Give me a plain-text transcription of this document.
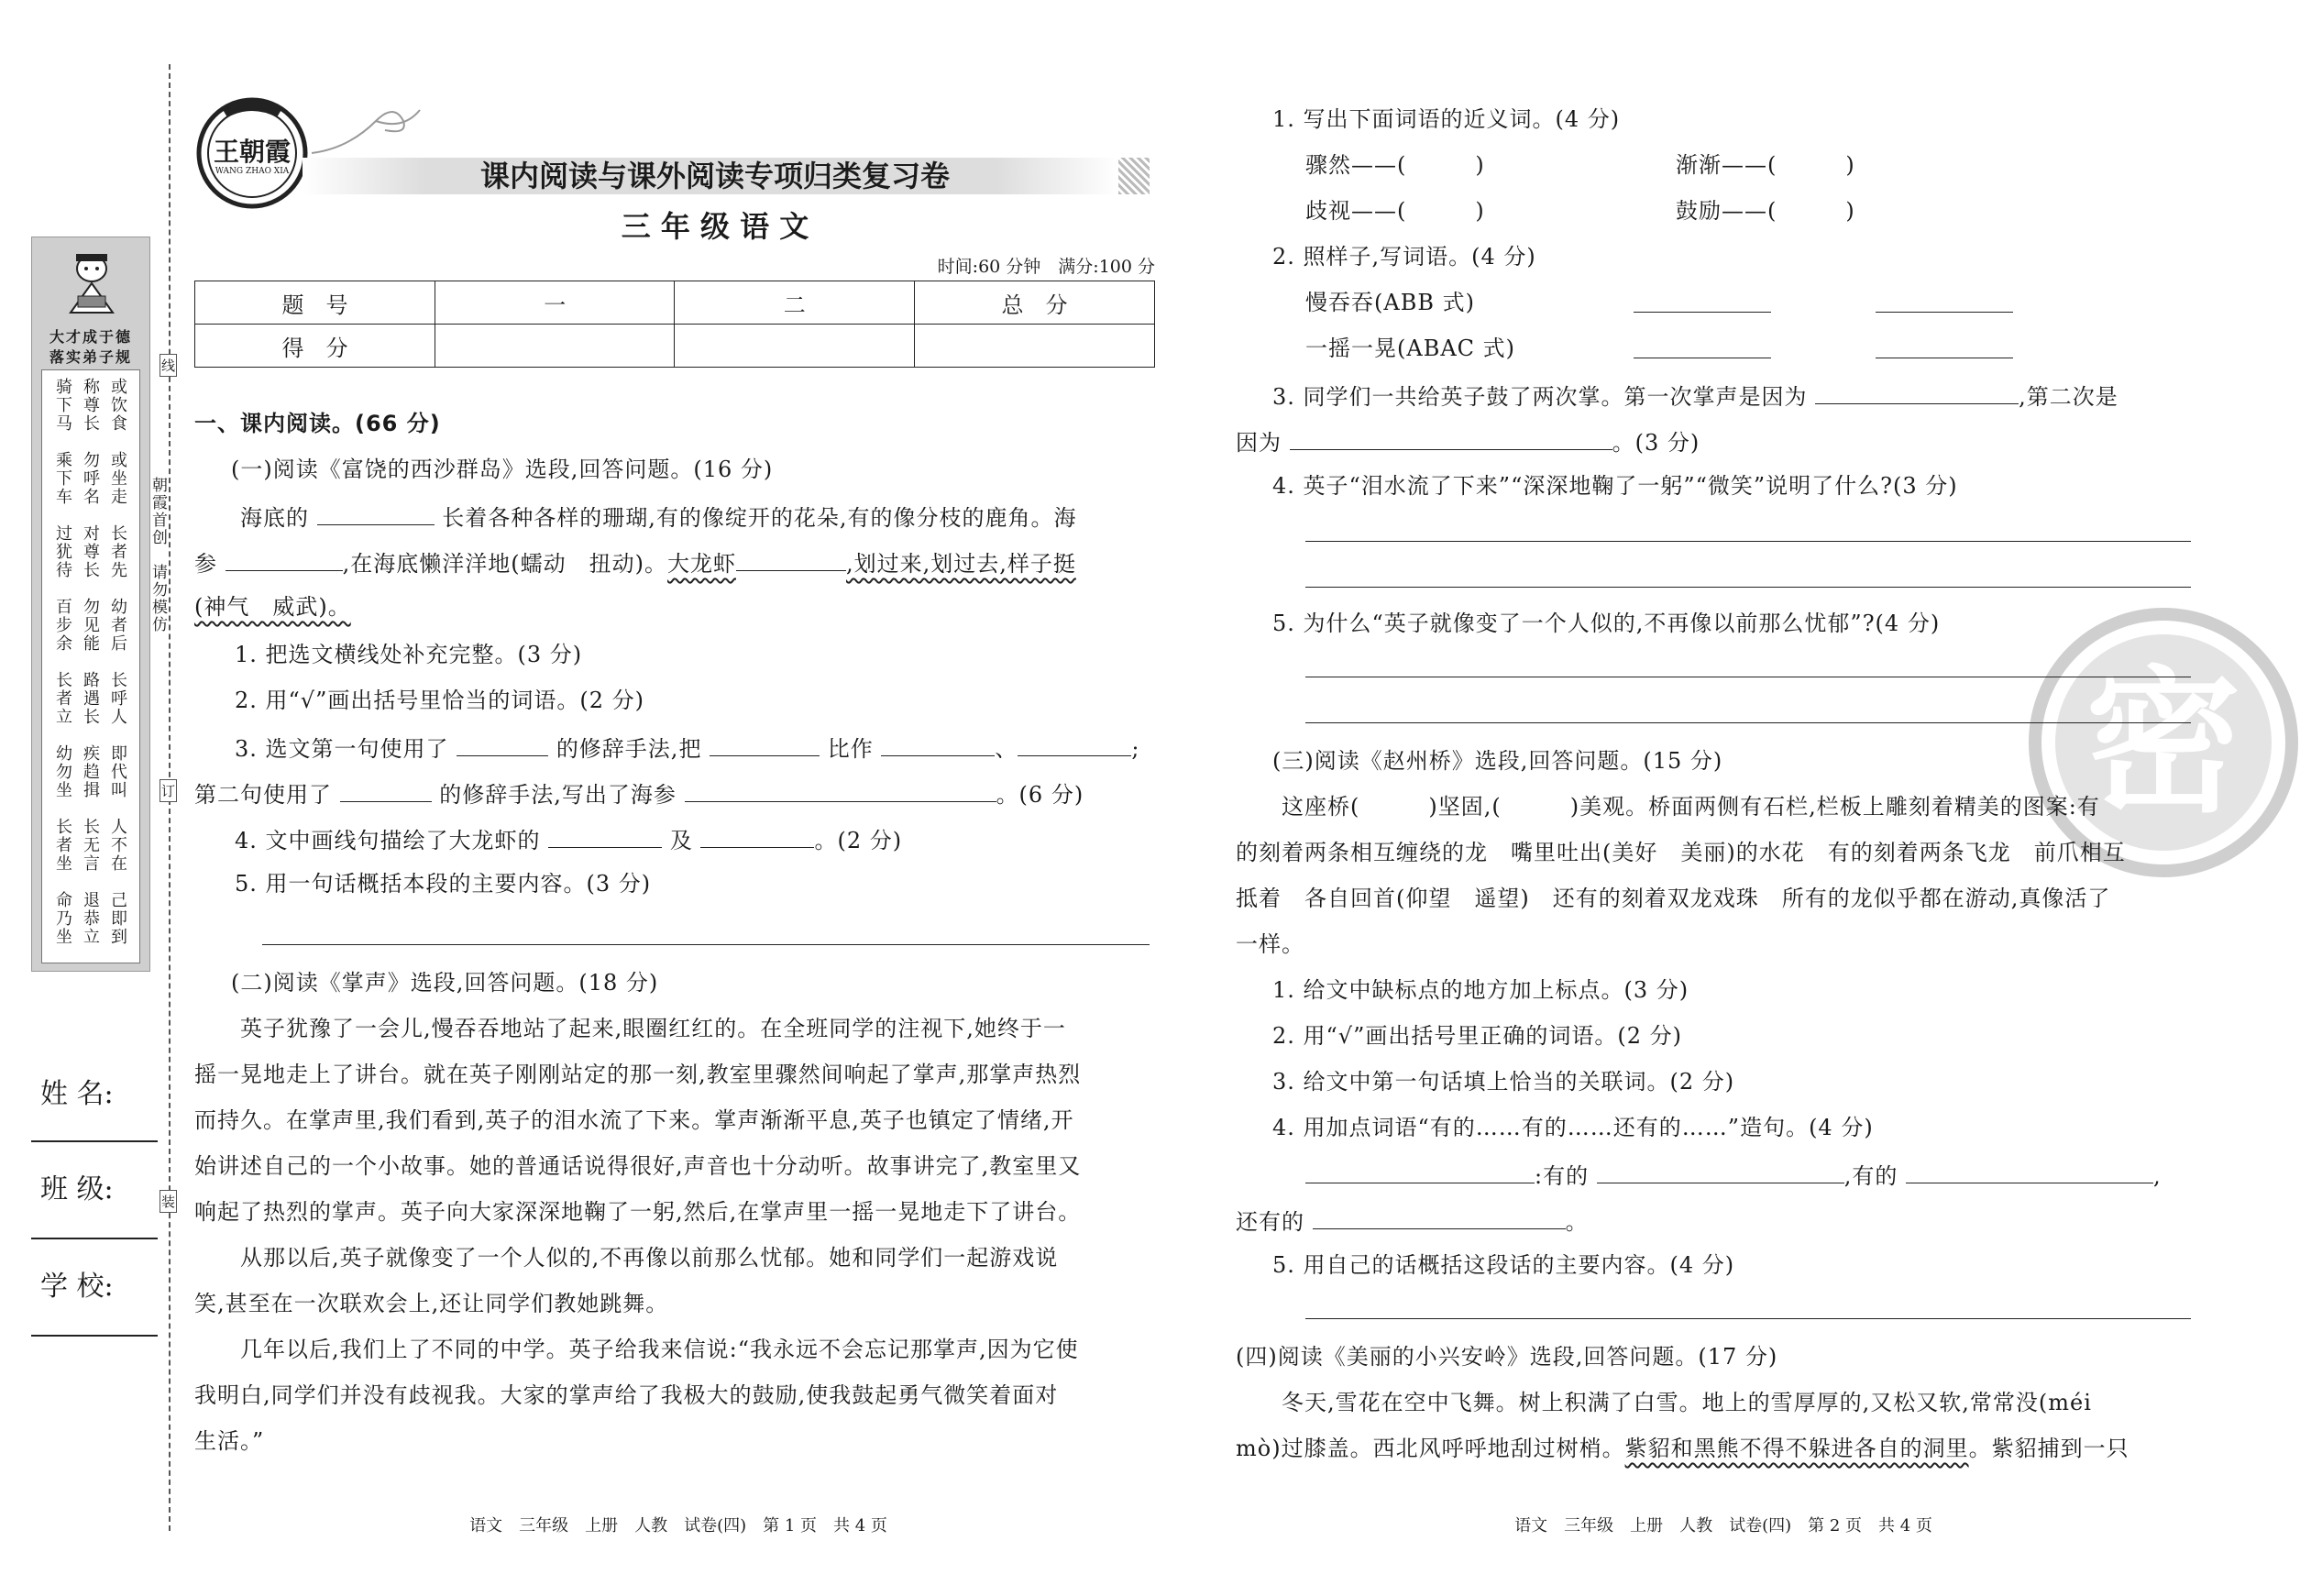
大才成于德
落实弟子规
或饮食　或坐走　长者先　幼者后　长呼人　即代叫　人不在　己即到
称尊长　勿呼名　对尊长　勿见能　路遇长　疾趋揖　长无言　退恭立
骑下马　乘下车　过犹待　百步余　长者立　幼勿坐　长者坐　命乃坐	朝霞首创　请勿模仿
线
订
装
姓 名:
班 级:
学 校:
王朝霞
WANG ZHAO XIA	课内阅读与课外阅读专项归类复习卷
三 年 级 语 文
时间:60 分钟　满分:100 分
题　号	一	二	总　分
得　分			
一、课内阅读。(66 分)
(一)阅读《富饶的西沙群岛》选段,回答问题。(16 分)
海底的	长着各种各样的珊瑚,有的像绽开的花朵,有的像分枝的鹿角。海
参	,在海底懒洋洋地(蠕动　扭动)。大龙虾	,划过来,划过去,样子挺
(神气　威武)。
1. 把选文横线处补充完整。(3 分)
2. 用“√”画出括号里恰当的词语。(2 分)
3. 选文第一句使用了	的修辞手法,把	比作	、	;
第二句使用了	的修辞手法,写出了海参	。(6 分)
4. 文中画线句描绘了大龙虾的	及	。(2 分)
5. 用一句话概括本段的主要内容。(3 分)
(二)阅读《掌声》选段,回答问题。(18 分)
英子犹豫了一会儿,慢吞吞地站了起来,眼圈红红的。在全班同学的注视下,她终于一
摇一晃地走上了讲台。就在英子刚刚站定的那一刻,教室里骤然间响起了掌声,那掌声热烈
而持久。在掌声里,我们看到,英子的泪水流了下来。掌声渐渐平息,英子也镇定了情绪,开
始讲述自己的一个小故事。她的普通话说得很好,声音也十分动听。故事讲完了,教室里又
响起了热烈的掌声。英子向大家深深地鞠了一躬,然后,在掌声里一摇一晃地走下了讲台。
从那以后,英子就像变了一个人似的,不再像以前那么忧郁。她和同学们一起游戏说
笑,甚至在一次联欢会上,还让同学们教她跳舞。
几年以后,我们上了不同的中学。英子给我来信说:“我永远不会忘记那掌声,因为它使
我明白,同学们并没有歧视我。大家的掌声给了我极大的鼓励,使我鼓起勇气微笑着面对
生活。”
语文　三年级　上册　人教　试卷(四)　第 1 页　共 4 页
密
1. 写出下面词语的近义词。(4 分)
骤然——(　　　)	渐渐——(　　　)
歧视——(　　　)	鼓励——(　　　)
2. 照样子,写词语。(4 分)
慢吞吞(ABB 式)
一摇一晃(ABAC 式)
3. 同学们一共给英子鼓了两次掌。第一次掌声是因为	,第二次是
因为	。(3 分)
4. 英子“泪水流了下来”“深深地鞠了一躬”“微笑”说明了什么?(3 分)
5. 为什么“英子就像变了一个人似的,不再像以前那么忧郁”?(4 分)
(三)阅读《赵州桥》选段,回答问题。(15 分)
这座桥(　　　)坚固,(　　　)美观。桥面两侧有石栏,栏板上雕刻着精美的图案:有
的刻着两条相互缠绕的龙　嘴里吐出(美好　美丽)的水花　有的刻着两条飞龙　前爪相互
抵着　各自回首(仰望　遥望)　还有的刻着双龙戏珠　所有的龙似乎都在游动,真像活了
一样。
1. 给文中缺标点的地方加上标点。(3 分)
2. 用“√”画出括号里正确的词语。(2 分)
3. 给文中第一句话填上恰当的关联词。(2 分)
4. 用加点词语“有的……有的……还有的……”造句。(4 分)
:有的	,有的	,
还有的	。
5. 用自己的话概括这段话的主要内容。(4 分)
(四)阅读《美丽的小兴安岭》选段,回答问题。(17 分)
冬天,雪花在空中飞舞。树上积满了白雪。地上的雪厚厚的,又松又软,常常没(méi
mò)过膝盖。西北风呼呼地刮过树梢。紫貂和黑熊不得不躲进各自的洞里。紫貂捕到一只
语文　三年级　上册　人教　试卷(四)　第 2 页　共 4 页
